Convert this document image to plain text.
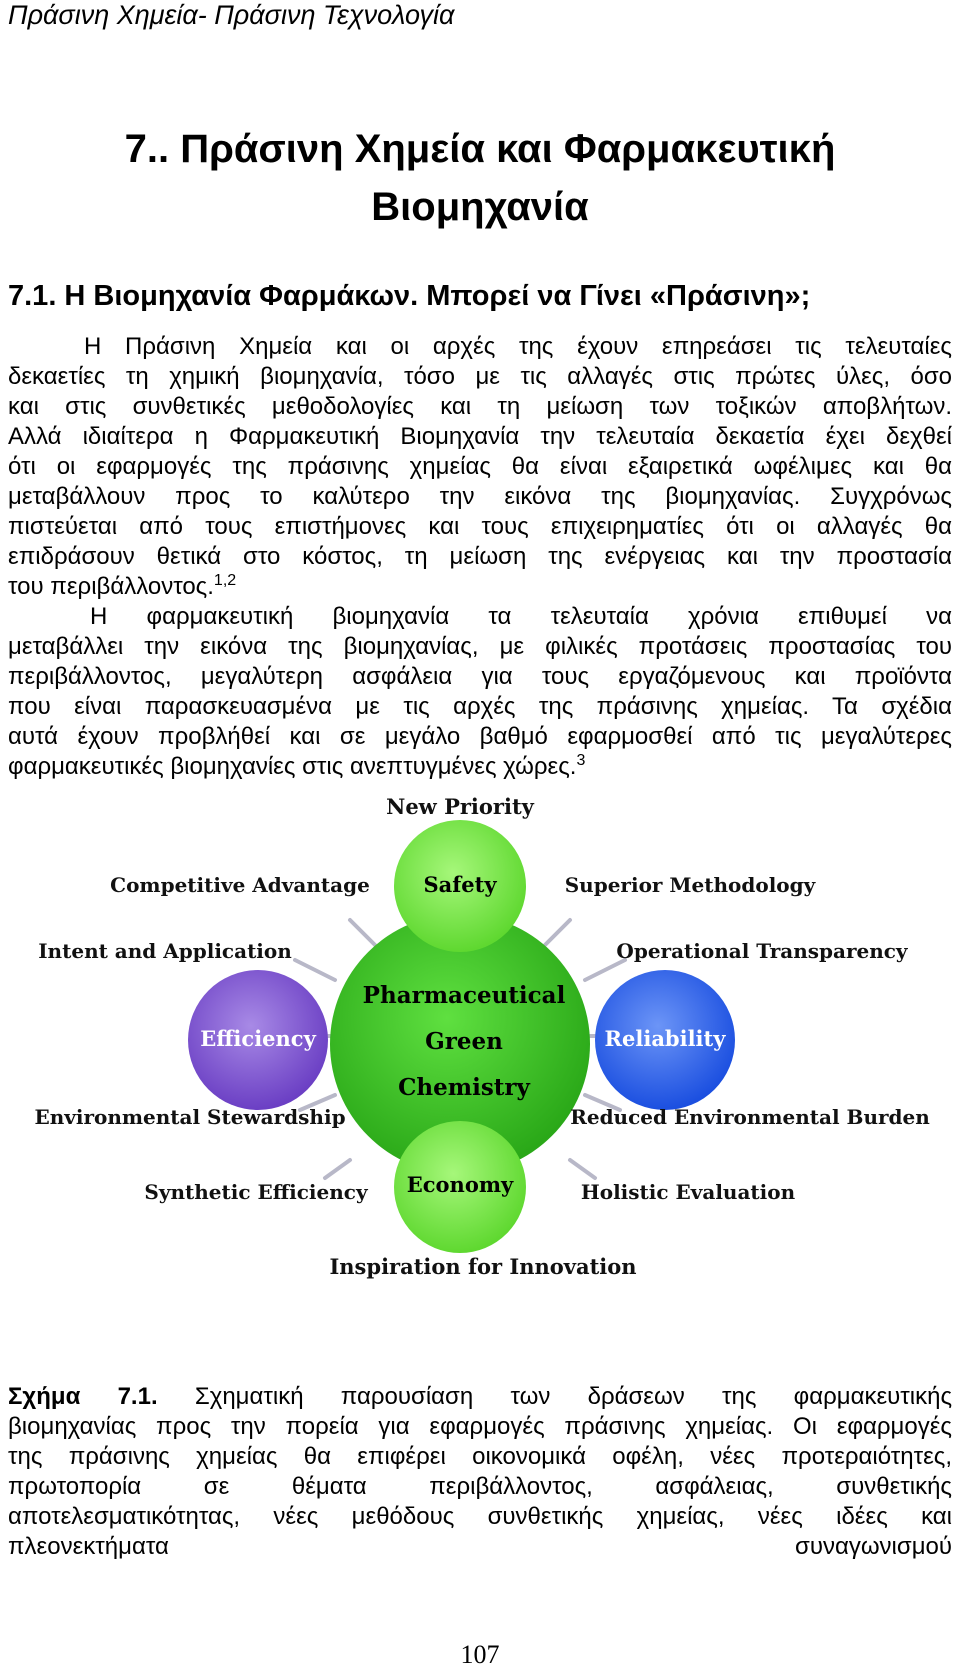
Πράσινη Χημεία- Πράσινη Τεχνολογία
7.. Πράσινη Χημεία και Φαρμακευτική
Βιομηχανία
7.1. Η Βιομηχανία Φαρμάκων. Μπορεί να Γίνει «Πράσινη»;
Η Πράσινη Χημεία και οι αρχές της έχουν επηρεάσει τις τελευταίες
δεκαετίες τη χημική βιομηχανία, τόσο με τις αλλαγές στις πρώτες ύλες, όσο
και στις συνθετικές μεθοδολογίες και τη μείωση των τοξικών αποβλήτων.
Αλλά ιδιαίτερα η Φαρμακευτική Βιομηχανία την τελευταία δεκαετία έχει δεχθεί
ότι οι εφαρμογές της πράσινης χημείας θα είναι εξαιρετικά ωφέλιμες και θα
μεταβάλλουν προς το καλύτερο την εικόνα της βιομηχανίας. Συγχρόνως
πιστεύεται από τους επιστήμονες και τους επιχειρηματίες ότι οι αλλαγές θα
επιδράσουν θετικά στο κόστος, τη μείωση της ενέργειας και την προστασία
του περιβάλλοντος.$^{1,2}$
Η φαρμακευτική βιομηχανία τα τελευταία χρόνια επιθυμεί να
μεταβάλλει την εικόνα της βιομηχανίας, με φιλικές προτάσεις προστασίας του
περιβάλλοντος, μεγαλύτερη ασφάλεια για τους εργαζόμενους και προϊόντα
που είναι παρασκευασμένα με τις αρχές της πράσινης χημείας. Τα σχέδια
αυτά έχουν προβλήθεί και σε μεγάλο βαθμό εφαρμοσθεί από τις μεγαλύτερες
φαρμακευτικές βιομηχανίες στις ανεπτυγμένες χώρες.$^3$
Pharmaceutical
Green
Chemistry
Safety
Efficiency	Reliability
Economy
New Priority
Inspiration for Innovation
Competitive Advantage
Intent and Application
Environmental Stewardship
Synthetic Efficiency
Superior Methodology
Operational Transparency
Reduced Environmental Burden
Holistic Evaluation
Σχήμα 7.1. Σχηματική παρουσίαση των δράσεων της φαρμακευτικής
βιομηχανίας προς την πορεία για εφαρμογές πράσινης χημείας. Οι εφαρμογές
της πράσινης χημείας θα επιφέρει οικονομικά οφέλη, νέες προτεραιότητες,
πρωτοπορία σε θέματα περιβάλλοντος, ασφάλειας, συνθετικής
αποτελεσματικότητας, νέες μεθόδους συνθετικής χημείας, νέες ιδέες και
πλεονεκτήματα συναγωνισμού
107
